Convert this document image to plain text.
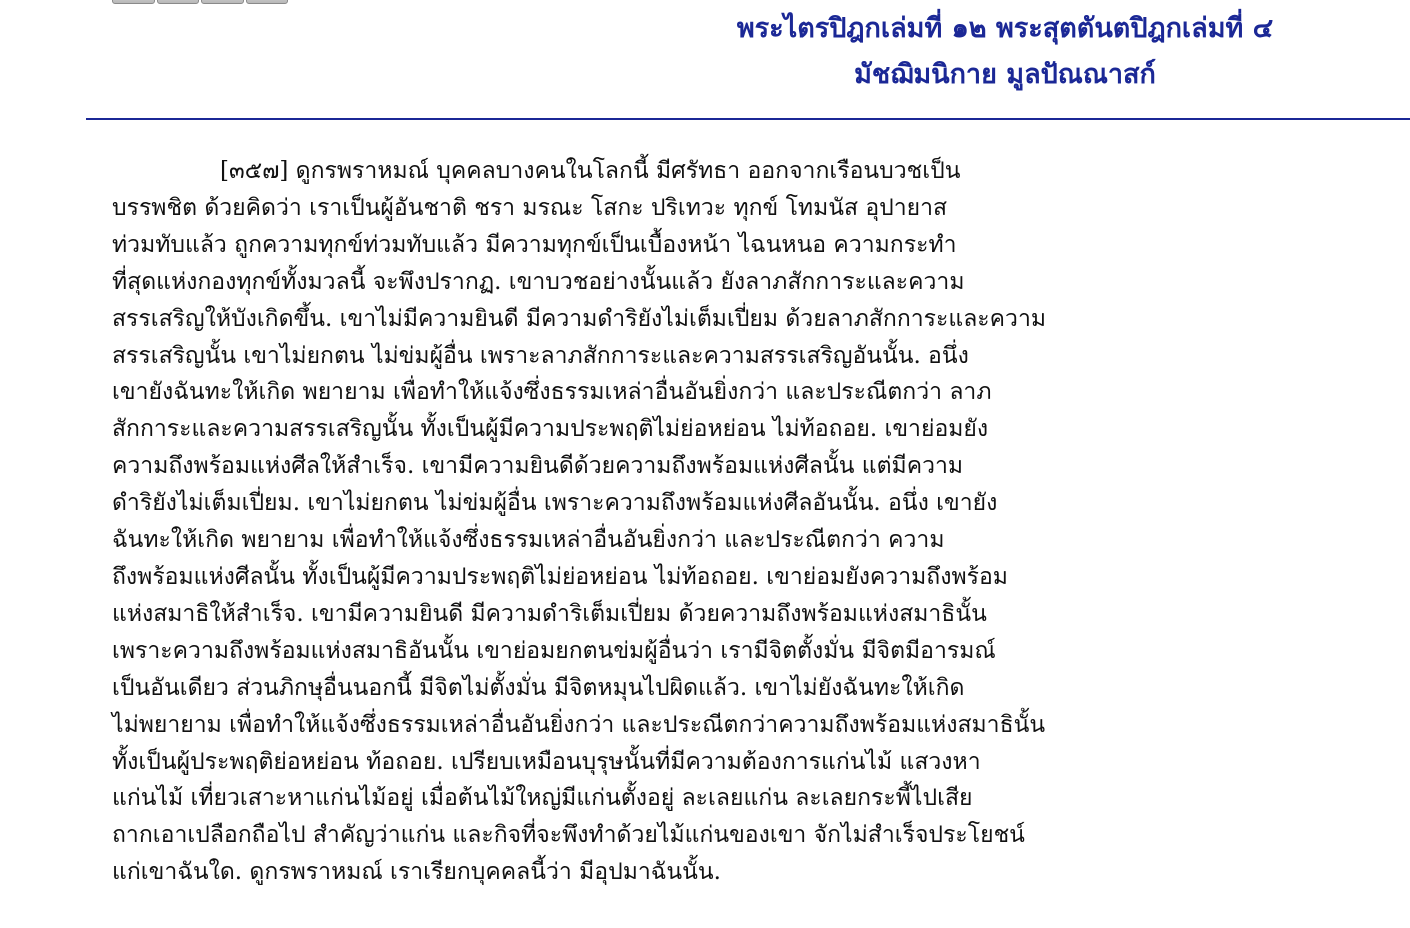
พระไตรปิฎกเล่มที่ ๑๒ พระสุตตันตปิฎกเล่มที่ ๔
มัชฌิมนิกาย มูลปัณณาสก์
[๓๕๗] ดูกรพราหมณ์ บุคคลบางคนในโลกนี้ มีศรัทธา ออกจากเรือนบวชเป็น
บรรพชิต ด้วยคิดว่า เราเป็นผู้อันชาติ ชรา มรณะ โสกะ ปริเทวะ ทุกข์ โทมนัส อุปายาส
ท่วมทับแล้ว ถูกความทุกข์ท่วมทับแล้ว มีความทุกข์เป็นเบื้องหน้า ไฉนหนอ ความกระทำ
ที่สุดแห่งกองทุกข์ทั้งมวลนี้ จะพึงปรากฏ. เขาบวชอย่างนั้นแล้ว ยังลาภสักการะและความ
สรรเสริญให้บังเกิดขึ้น. เขาไม่มีความยินดี มีความดำริยังไม่เต็มเปี่ยม ด้วยลาภสักการะและความ
สรรเสริญนั้น เขาไม่ยกตน ไม่ข่มผู้อื่น เพราะลาภสักการะและความสรรเสริญอันนั้น. อนึ่ง
เขายังฉันทะให้เกิด พยายาม เพื่อทำให้แจ้งซึ่งธรรมเหล่าอื่นอันยิ่งกว่า และประณีตกว่า ลาภ
สักการะและความสรรเสริญนั้น ทั้งเป็นผู้มีความประพฤติไม่ย่อหย่อน ไม่ท้อถอย. เขาย่อมยัง
ความถึงพร้อมแห่งศีลให้สำเร็จ. เขามีความยินดีด้วยความถึงพร้อมแห่งศีลนั้น แต่มีความ
ดำริยังไม่เต็มเปี่ยม. เขาไม่ยกตน ไม่ข่มผู้อื่น เพราะความถึงพร้อมแห่งศีลอันนั้น. อนึ่ง เขายัง
ฉันทะให้เกิด พยายาม เพื่อทำให้แจ้งซึ่งธรรมเหล่าอื่นอันยิ่งกว่า และประณีตกว่า ความ
ถึงพร้อมแห่งศีลนั้น ทั้งเป็นผู้มีความประพฤติไม่ย่อหย่อน ไม่ท้อถอย. เขาย่อมยังความถึงพร้อม
แห่งสมาธิให้สำเร็จ. เขามีความยินดี มีความดำริเต็มเปี่ยม ด้วยความถึงพร้อมแห่งสมาธินั้น
เพราะความถึงพร้อมแห่งสมาธิอันนั้น เขาย่อมยกตนข่มผู้อื่นว่า เรามีจิตตั้งมั่น มีจิตมีอารมณ์
เป็นอันเดียว ส่วนภิกษุอื่นนอกนี้ มีจิตไม่ตั้งมั่น มีจิตหมุนไปผิดแล้ว. เขาไม่ยังฉันทะให้เกิด
ไม่พยายาม เพื่อทำให้แจ้งซึ่งธรรมเหล่าอื่นอันยิ่งกว่า และประณีตกว่าความถึงพร้อมแห่งสมาธินั้น
ทั้งเป็นผู้ประพฤติย่อหย่อน ท้อถอย. เปรียบเหมือนบุรุษนั้นที่มีความต้องการแก่นไม้ แสวงหา
แก่นไม้ เที่ยวเสาะหาแก่นไม้อยู่ เมื่อต้นไม้ใหญ่มีแก่นตั้งอยู่ ละเลยแก่น ละเลยกระพี้ไปเสีย
ถากเอาเปลือกถือไป สำคัญว่าแก่น และกิจที่จะพึงทำด้วยไม้แก่นของเขา จักไม่สำเร็จประโยชน์
แก่เขาฉันใด. ดูกรพราหมณ์ เราเรียกบุคคลนี้ว่า มีอุปมาฉันนั้น.
